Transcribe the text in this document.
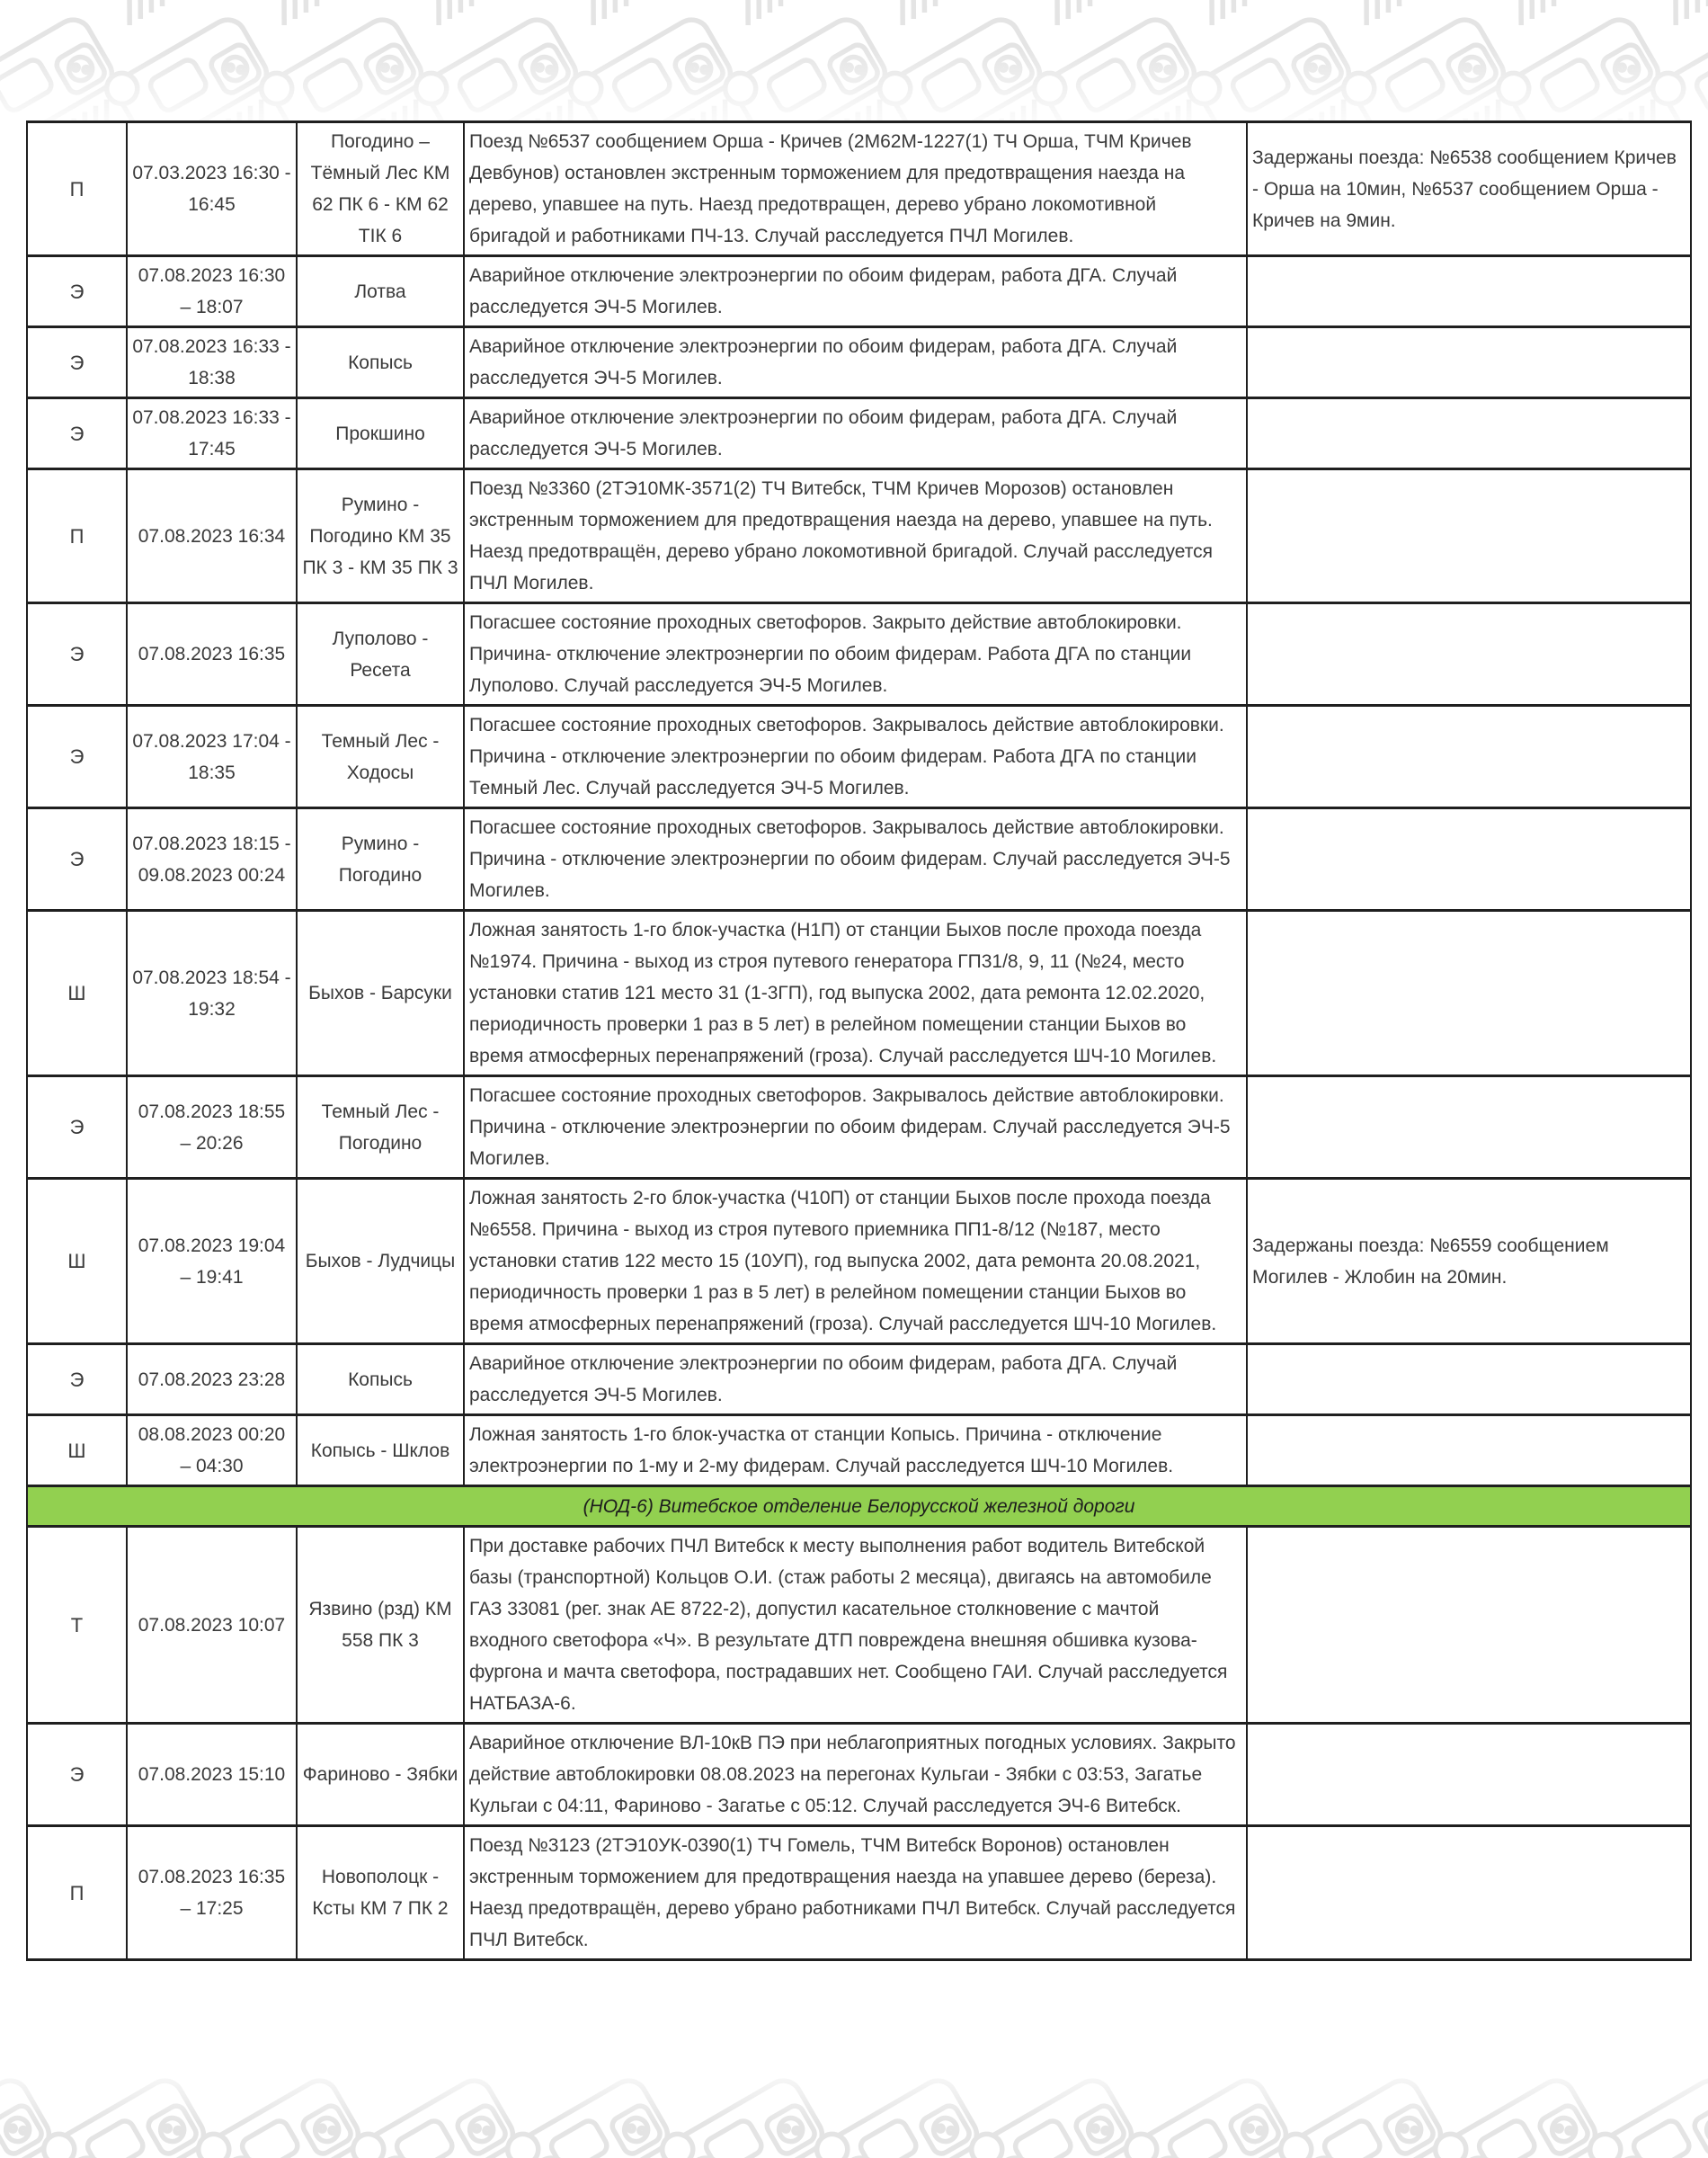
П	07.03.2023 16:30 - 16:45	Погодино – Тёмный Лес КМ 62 ПК 6 - КМ 62 ТІК 6	Поезд №6537 сообщением Орша - Кричев (2М62М-1227(1) ТЧ Орша, ТЧМ Кричев Девбунов) остановлен экстренным торможением для предотвращения наезда на дерево, упавшее на путь. Наезд предотвращен, дерево убрано локомотивной бригадой и работниками ПЧ-13. Случай расследуется ПЧЛ Могилев.	Задержаны поезда: №6538 сообщением Кричев - Орша на 10мин, №6537 сообщением Орша - Кричев на 9мин.
Э	07.08.2023 16:30 – 18:07	Лотва	Аварийное отключение электроэнергии по обоим фидерам, работа ДГА. Случай расследуется ЭЧ-5 Могилев.	
Э	07.08.2023 16:33 - 18:38	Копысь	Аварийное отключение электроэнергии по обоим фидерам, работа ДГА. Случай расследуется ЭЧ-5 Могилев.	
Э	07.08.2023 16:33 - 17:45	Прокшино	Аварийное отключение электроэнергии по обоим фидерам, работа ДГА. Случай расследуется ЭЧ-5 Могилев.	
П	07.08.2023 16:34	Румино - Погодино КМ 35 ПК 3 - КМ 35 ПК 3	Поезд №3360 (2ТЭ10МК-3571(2) ТЧ Витебск, ТЧМ Кричев Морозов) остановлен экстренным торможением для предотвращения наезда на дерево, упавшее на путь. Наезд предотвращён, дерево убрано локомотивной бригадой. Случай расследуется ПЧЛ Могилев.	
Э	07.08.2023 16:35	Луполово - Ресета	Погасшее состояние проходных светофоров. Закрыто действие автоблокировки. Причина- отключение электроэнергии по обоим фидерам. Работа ДГА по станции Луполово. Случай расследуется ЭЧ-5 Могилев.	
Э	07.08.2023 17:04 - 18:35	Темный Лес - Ходосы	Погасшее состояние проходных светофоров. Закрывалось действие автоблокировки. Причина - отключение электроэнергии по обоим фидерам. Работа ДГА по станции Темный Лес. Случай расследуется ЭЧ-5 Могилев.	
Э	07.08.2023 18:15 - 09.08.2023 00:24	Румино - Погодино	Погасшее состояние проходных светофоров. Закрывалось действие автоблокировки. Причина - отключение электроэнергии по обоим фидерам. Случай расследуется ЭЧ-5 Могилев.	
Ш	07.08.2023 18:54 - 19:32	Быхов - Барсуки	Ложная занятость 1-го блок-участка (Н1П) от станции Быхов после прохода поезда №1974. Причина - выход из строя путевого генератора ГП31/8, 9, 11 (№24, место установки статив 121 место 31 (1-3ГП), год выпуска 2002, дата ремонта 12.02.2020, периодичность проверки 1 раз в 5 лет) в релейном помещении станции Быхов во время атмосферных перенапряжений (гроза). Случай расследуется ШЧ-10 Могилев.	
Э	07.08.2023 18:55 – 20:26	Темный Лес - Погодино	Погасшее состояние проходных светофоров. Закрывалось действие автоблокировки. Причина - отключение электроэнергии по обоим фидерам. Случай расследуется ЭЧ-5 Могилев.	
Ш	07.08.2023 19:04 – 19:41	Быхов - Лудчицы	Ложная занятость 2-го блок-участка (Ч10П) от станции Быхов после прохода поезда №6558. Причина - выход из строя путевого приемника ПП1-8/12 (№187, место установки статив 122 место 15 (10УП), год выпуска 2002, дата ремонта 20.08.2021, периодичность проверки 1 раз в 5 лет) в релейном помещении станции Быхов во время атмосферных перенапряжений (гроза). Случай расследуется ШЧ-10 Могилев.	Задержаны поезда: №6559 сообщением Могилев - Жлобин на 20мин.
Э	07.08.2023 23:28	Копысь	Аварийное отключение электроэнергии по обоим фидерам, работа ДГА. Случай расследуется ЭЧ-5 Могилев.	
Ш	08.08.2023 00:20 – 04:30	Копысь - Шклов	Ложная занятость 1-го блок-участка от станции Копысь. Причина - отключение электроэнергии по 1-му и 2-му фидерам. Случай расследуется ШЧ-10 Могилев.	
(НОД-6) Витебское отделение Белорусской железной дороги				
Т	07.08.2023 10:07	Язвино (рзд) КМ 558 ПК 3	При доставке рабочих ПЧЛ Витебск к месту выполнения работ водитель Витебской базы (транспортной) Кольцов О.И. (стаж работы 2 месяца), двигаясь на автомобиле ГАЗ 33081 (рег. знак АЕ 8722-2), допустил касательное столкновение с мачтой входного светофора «Ч». В результате ДТП повреждена внешняя обшивка кузова-фургона и мачта светофора, пострадавших нет. Сообщено ГАИ. Случай расследуется НАТБАЗА-6.	
Э	07.08.2023 15:10	Фариново - Зябки	Аварийное отключение ВЛ-10кВ ПЭ при неблагоприятных погодных условиях. Закрыто действие автоблокировки 08.08.2023 на перегонах Кульгаи - Зябки с 03:53, Загатье Кульгаи с 04:11, Фариново - Загатье с 05:12. Случай расследуется ЭЧ-6 Витебск.	
П	07.08.2023 16:35 – 17:25	Новополоцк - Ксты КМ 7 ПК 2	Поезд №3123 (2ТЭ10УК-0390(1) ТЧ Гомель, ТЧМ Витебск Воронов) остановлен экстренным торможением для предотвращения наезда на упавшее дерево (береза). Наезд предотвращён, дерево убрано работниками ПЧЛ Витебск. Случай расследуется ПЧЛ Витебск.	
